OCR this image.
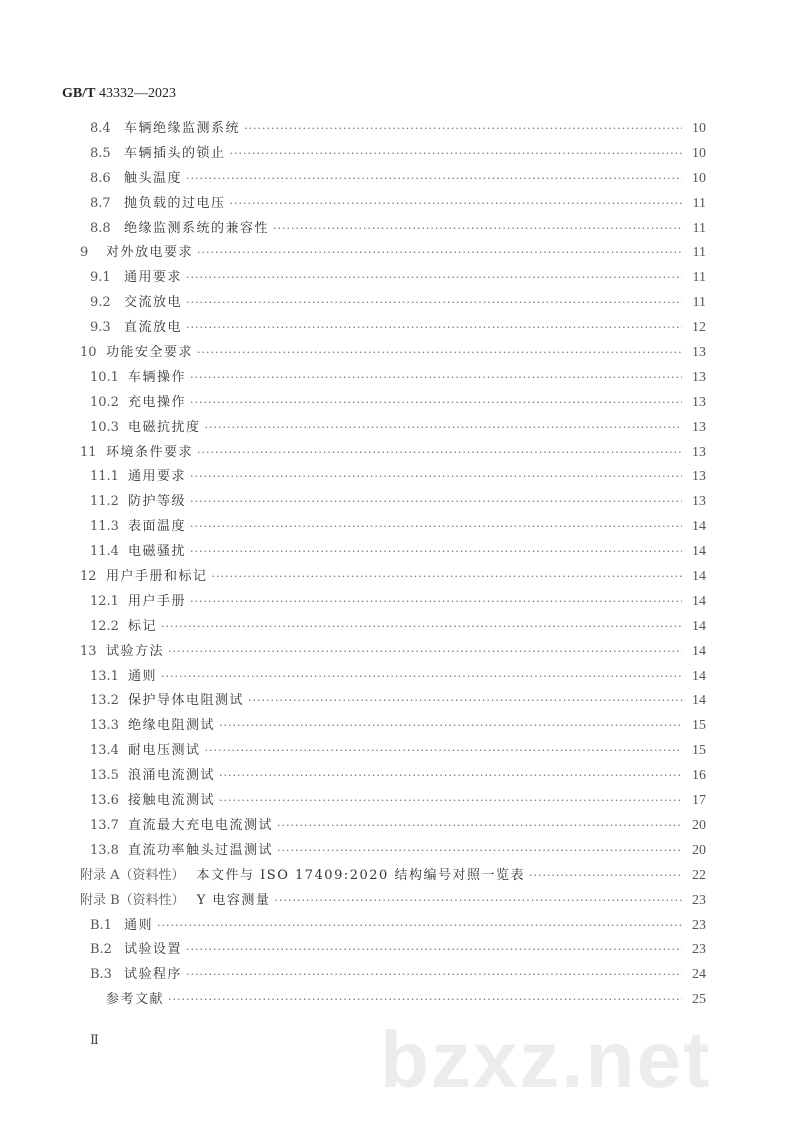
GB/T 43332—2023
8.4	车辆绝缘监测系统 ·····	10
8.5	车辆插头的锁止 ·····	10
8.6	触头温度 ·····	10
8.7	抛负载的过电压 ·····	11
8.8	绝缘监测系统的兼容性 ·····	11
9	对外放电要求 ·····	11
9.1	通用要求 ·····	11
9.2	交流放电 ·····	11
9.3	直流放电 ·····	12
10 功能安全要求 ·····	13
10.1 车辆操作 ·····	13
10.2 充电操作 ·····	13
10.3 电磁抗扰度 ·····	13
11 环境条件要求 ·····	13
11.1 通用要求 ·····	13
11.2 防护等级 ·····	13
11.3 表面温度 ·····	14
11.4 电磁骚扰 ·····	14
12 用户手册和标记 ·····	14
12.1 用户手册 ·····	14
12.2 标记 ·····	14
13 试验方法 ·····	14
13.1 通则 ·····	14
13.2 保护导体电阻测试 ·····	14
13.3 绝缘电阻测试 ·····	15
13.4 耐电压测试 ·····	15
13.5 浪涌电流测试 ·····	16
13.6 接触电流测试 ·····	17
13.7 直流最大充电电流测试 ·····	20
13.8 直流功率触头过温测试 ·····	20
附录 A（资料性） 本文件与 ISO 17409:2020 结构编号对照一览表 ·····	22
附录 B（资料性） Y 电容测量 ·····	23
B.1 通则 ·····	23
B.2 试验设置 ·····	23
B.3 试验程序 ·····	24
参考文献 ·····	25
Ⅱ	bzxz.net
